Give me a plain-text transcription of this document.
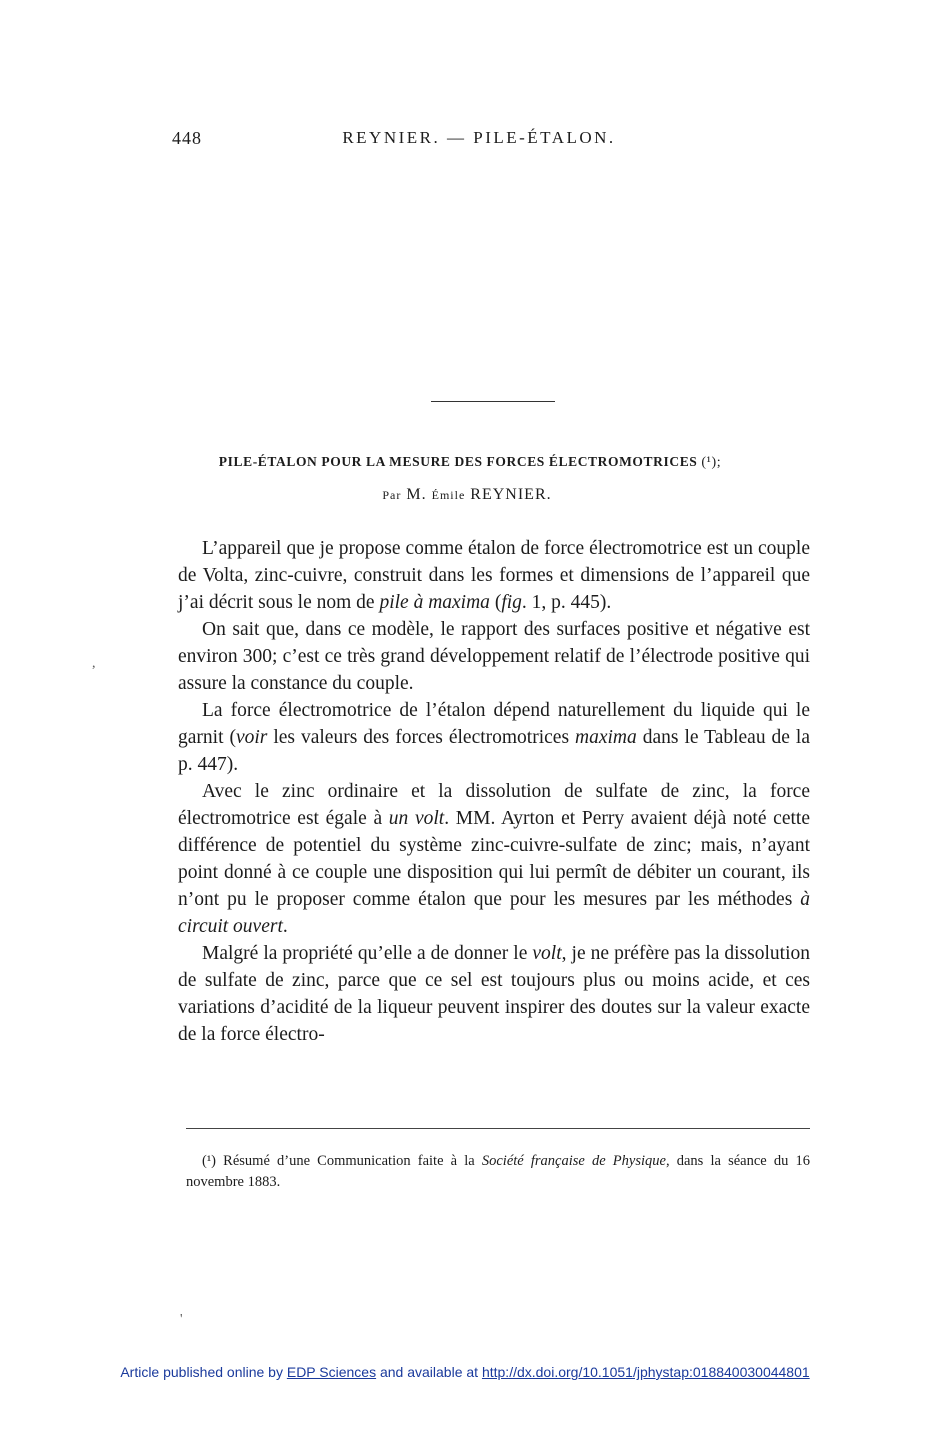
448	REYNIER. — PILE-ÉTALON.
PILE-ÉTALON POUR LA MESURE DES FORCES ÉLECTROMOTRICES (¹);
Par M. Émile REYNIER.

L’appareil que je propose comme étalon de force électromotrice est un couple de Volta, zinc-cuivre, construit dans les formes et dimensions de l’appareil que j’ai décrit sous le nom de pile à maxima (fig. 1, p. 445).

On sait que, dans ce modèle, le rapport des surfaces positive et négative est environ 300; c’est ce très grand développement relatif de l’électrode positive qui assure la constance du couple.

La force électromotrice de l’étalon dépend naturellement du liquide qui le garnit (voir les valeurs des forces électromotrices maxima dans le Tableau de la p. 447).

Avec le zinc ordinaire et la dissolution de sulfate de zinc, la force électromotrice est égale à un volt. MM. Ayrton et Perry avaient déjà noté cette différence de potentiel du système zinc-cuivre-sulfate de zinc; mais, n’ayant point donné à ce couple une disposition qui lui permît de débiter un courant, ils n’ont pu le proposer comme étalon que pour les mesures par les méthodes à circuit ouvert.

Malgré la propriété qu’elle a de donner le volt, je ne préfère pas la dissolution de sulfate de zinc, parce que ce sel est toujours plus ou moins acide, et ces variations d’acidité de la liqueur peuvent inspirer des doutes sur la valeur exacte de la force électro-

,
'

(¹) Résumé d’une Communication faite à la Société française de Physique, dans la séance du 16 novembre 1883.

Article published online by EDP Sciences and available at http://dx.doi.org/10.1051/jphystap:018840030044801
